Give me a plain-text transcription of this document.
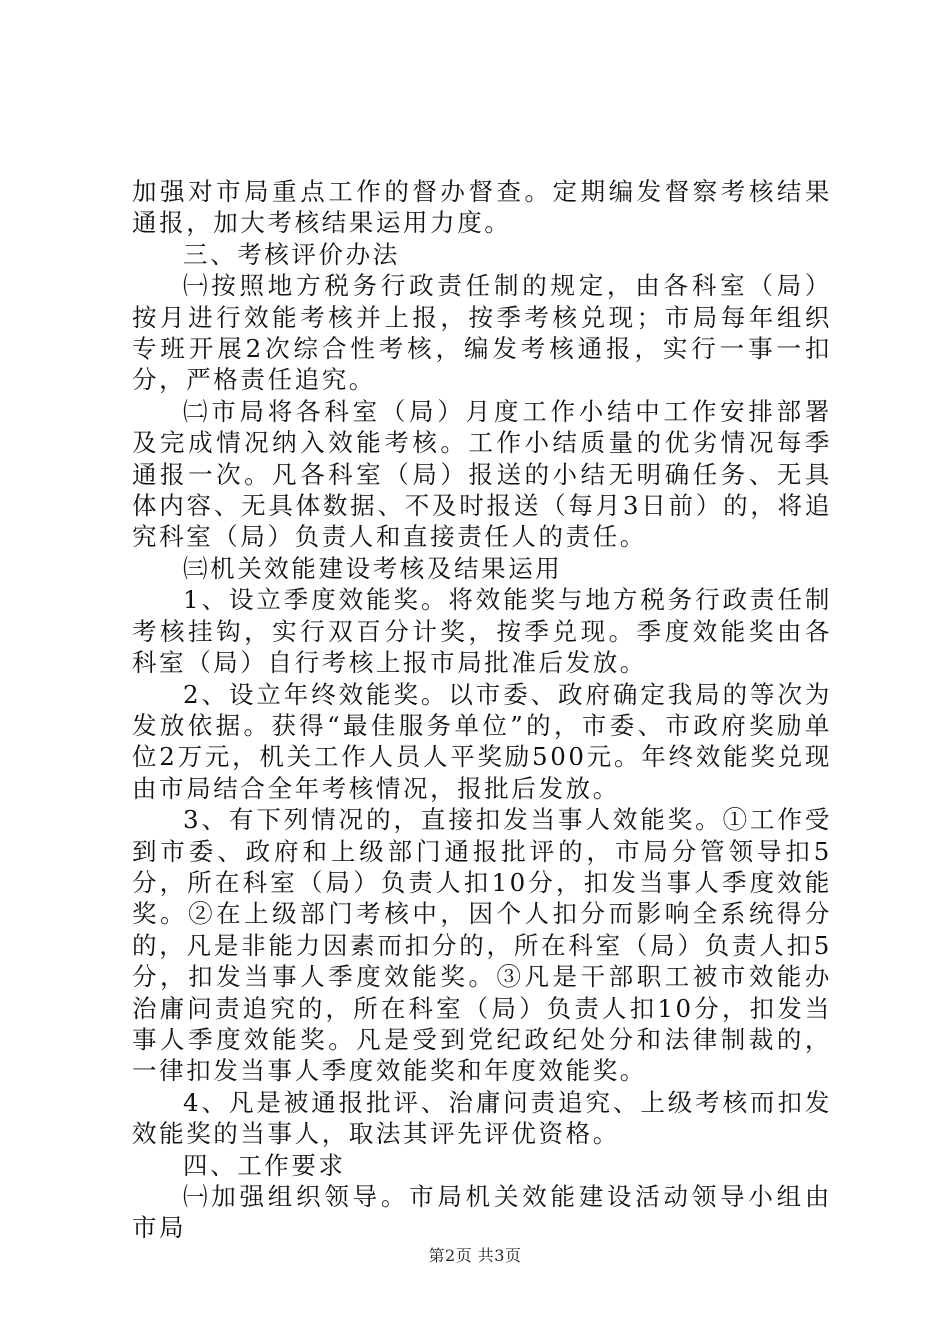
加强对市局重点工作的督办督查。定期编发督察考核结果通报，加大考核结果运用力度。

三、考核评价办法

㈠按照地方税务行政责任制的规定，由各科室（局）按月进行效能考核并上报，按季考核兑现；市局每年组织专班开展2次综合性考核，编发考核通报，实行一事一扣分，严格责任追究。

㈡市局将各科室（局）月度工作小结中工作安排部署及完成情况纳入效能考核。工作小结质量的优劣情况每季通报一次。凡各科室（局）报送的小结无明确任务、无具体内容、无具体数据、不及时报送（每月3日前）的，将追究科室（局）负责人和直接责任人的责任。

㈢机关效能建设考核及结果运用

1、设立季度效能奖。将效能奖与地方税务行政责任制考核挂钩，实行双百分计奖，按季兑现。季度效能奖由各科室（局）自行考核上报市局批准后发放。

2、设立年终效能奖。以市委、政府确定我局的等次为发放依据。获得“最佳服务单位”的，市委、市政府奖励单位2万元，机关工作人员人平奖励500元。年终效能奖兑现由市局结合全年考核情况，报批后发放。

3、有下列情况的，直接扣发当事人效能奖。①工作受到市委、政府和上级部门通报批评的，市局分管领导扣5分，所在科室（局）负责人扣10分，扣发当事人季度效能奖。②在上级部门考核中，因个人扣分而影响全系统得分的，凡是非能力因素而扣分的，所在科室（局）负责人扣5分，扣发当事人季度效能奖。③凡是干部职工被市效能办治庸问责追究的，所在科室（局）负责人扣10分，扣发当事人季度效能奖。凡是受到党纪政纪处分和法律制裁的，一律扣发当事人季度效能奖和年度效能奖。

4、凡是被通报批评、治庸问责追究、上级考核而扣发效能奖的当事人，取法其评先评优资格。

四、工作要求

㈠加强组织领导。市局机关效能建设活动领导小组由市局

第2页 共3页
